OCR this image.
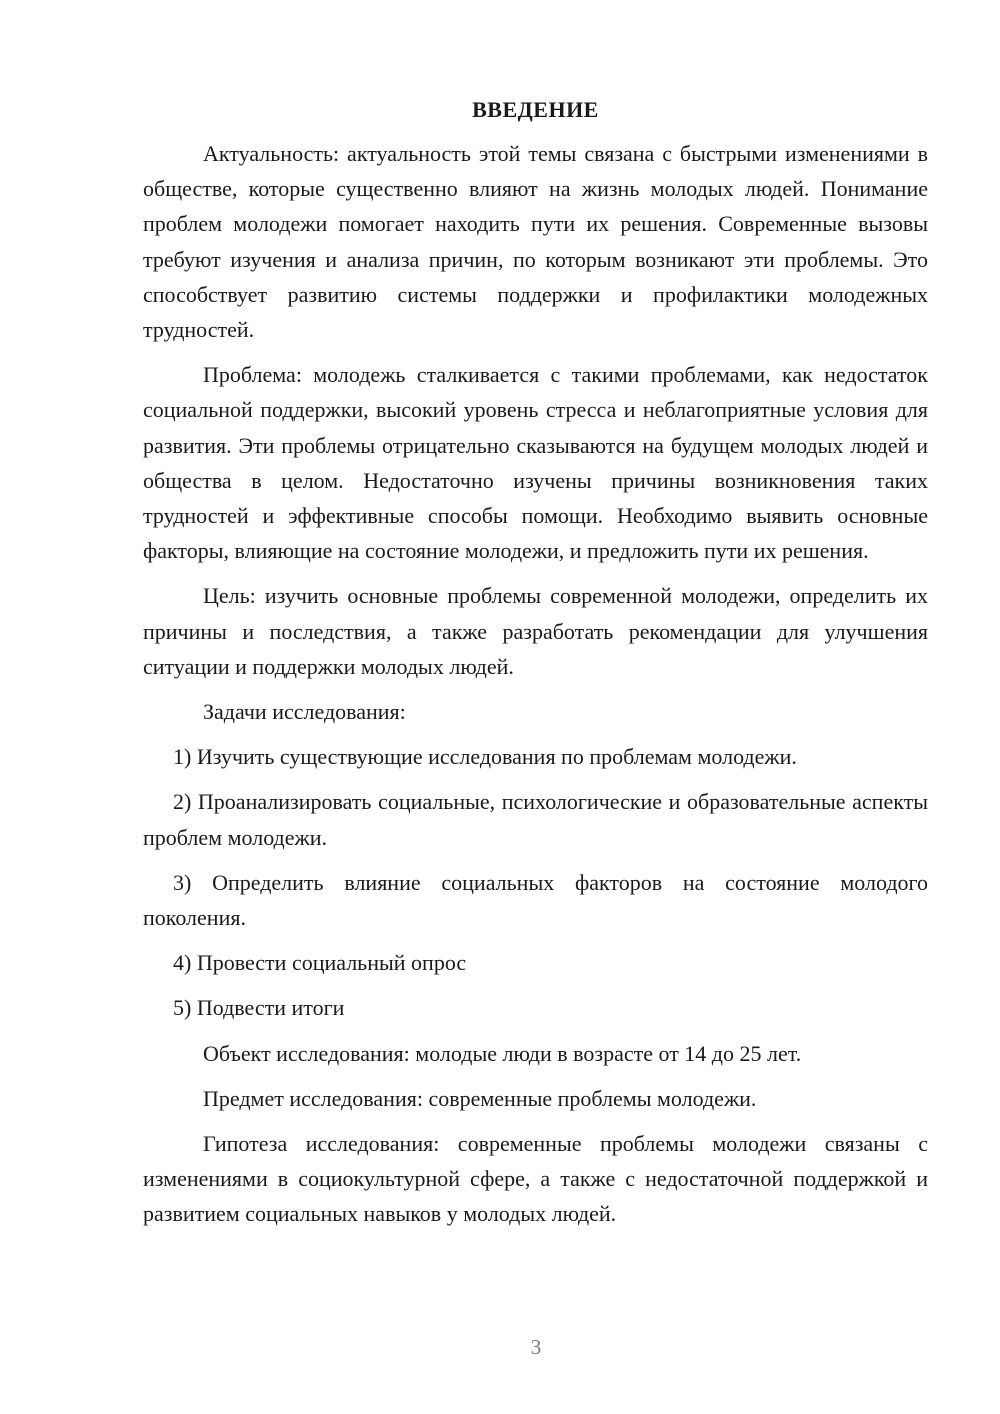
ВВЕДЕНИЕ

Актуальность: актуальность этой темы связана с быстрыми изменениями в обществе, которые существенно влияют на жизнь молодых людей. Понимание проблем молодежи помогает находить пути их решения. Современные вызовы требуют изучения и анализа причин, по которым возникают эти проблемы. Это способствует развитию системы поддержки и профилактики молодежных трудностей.

Проблема: молодежь сталкивается с такими проблемами, как недостаток социальной поддержки, высокий уровень стресса и неблагоприятные условия для развития. Эти проблемы отрицательно сказываются на будущем молодых людей и общества в целом. Недостаточно изучены причины возникновения таких трудностей и эффективные способы помощи. Необходимо выявить основные факторы, влияющие на состояние молодежи, и предложить пути их решения.

Цель: изучить основные проблемы современной молодежи, определить их причины и последствия, а также разработать рекомендации для улучшения ситуации и поддержки молодых людей.

Задачи исследования:

1) Изучить существующие исследования по проблемам молодежи.

2) Проанализировать социальные, психологические и образовательные аспекты проблем молодежи.

3) Определить влияние социальных факторов на состояние молодого поколения.

4) Провести социальный опрос

5) Подвести итоги

Объект исследования: молодые люди в возрасте от 14 до 25 лет.

Предмет исследования: современные проблемы молодежи.

Гипотеза исследования: современные проблемы молодежи связаны с изменениями в социокультурной сфере, а также с недостаточной поддержкой и развитием социальных навыков у молодых людей.

3
